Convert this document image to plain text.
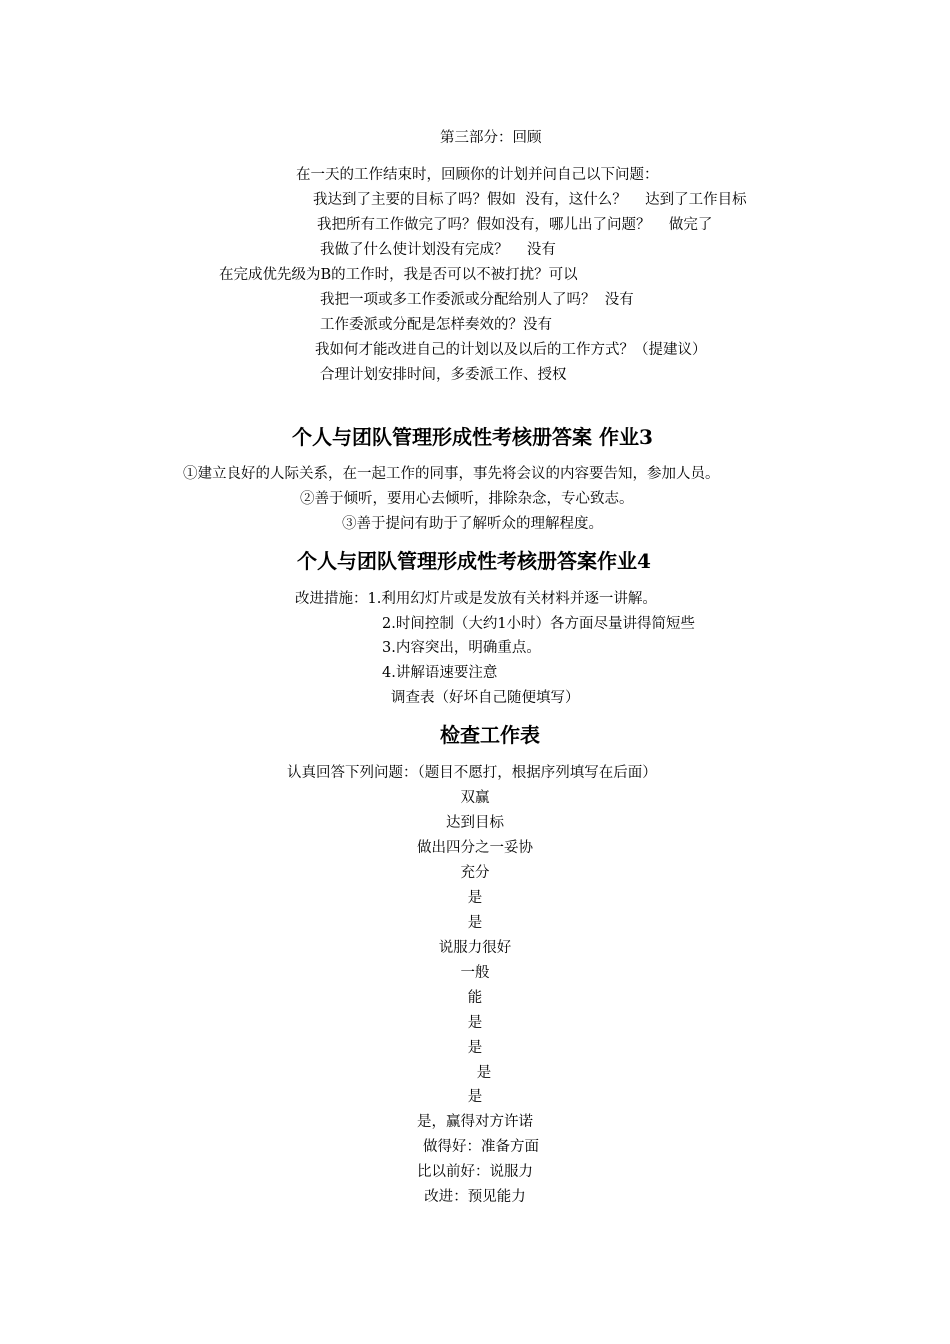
第三部分：回顾
在一天的工作结束时，回顾你的计划并问自己以下问题：
我达到了主要的目标了吗？假如  没有，这什么？    达到了工作目标
我把所有工作做完了吗？假如没有，哪儿出了问题？    做完了
我做了什么使计划没有完成？    没有
在完成优先级为B的工作时，我是否可以不被打扰？可以
我把一项或多工作委派或分配给别人了吗？  没有
工作委派或分配是怎样奏效的？没有
我如何才能改进自己的计划以及以后的工作方式？（提建议）
合理计划安排时间，多委派工作、授权
个人与团队管理形成性考核册答案 作业3
①建立良好的人际关系，在一起工作的同事，事先将会议的内容要告知，参加人员。
②善于倾听，要用心去倾听，排除杂念，专心致志。
③善于提问有助于了解听众的理解程度。
个人与团队管理形成性考核册答案作业4
改进措施：1.利用幻灯片或是发放有关材料并逐一讲解。
2.时间控制（大约1小时）各方面尽量讲得简短些
3.内容突出，明确重点。
4.讲解语速要注意
调查表（好坏自己随便填写）
检查工作表
认真回答下列问题：（题目不愿打，根据序列填写在后面）
双赢
达到目标
做出四分之一妥协
充分
是
是
说服力很好
一般
能
是
是
是
是
是，赢得对方许诺
做得好：准备方面
比以前好：说服力
改进：预见能力
